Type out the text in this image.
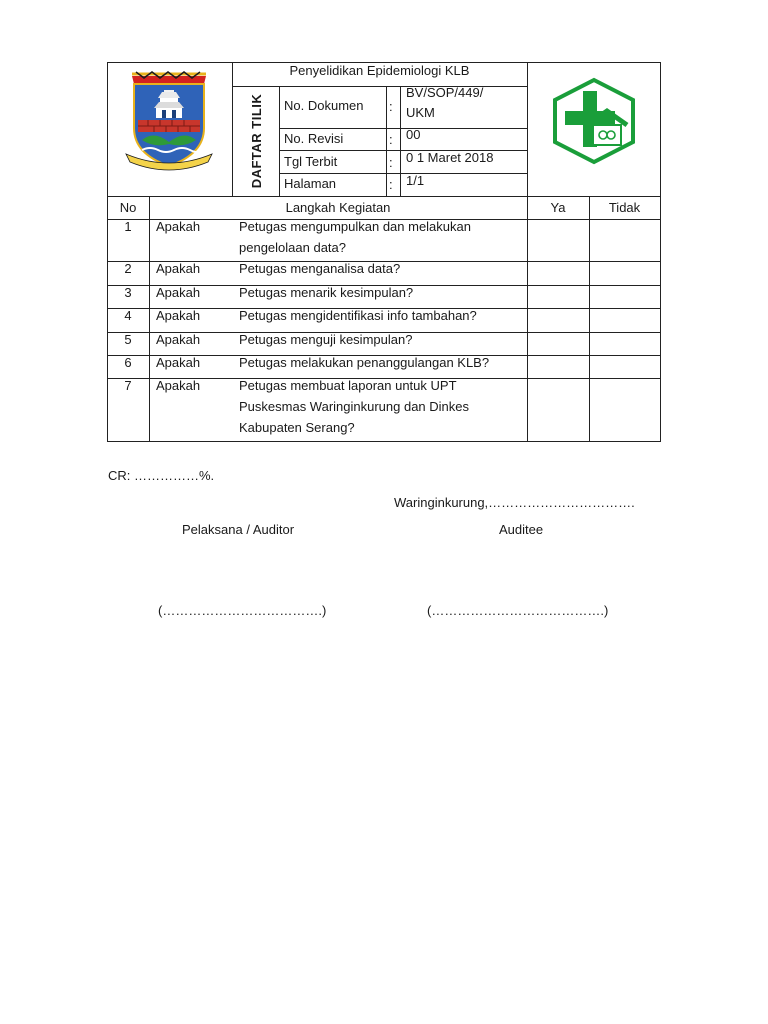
Penyelidikan Epidemiologi KLB
DAFTAR TILIK No. Dokumen :
BV/SOP/449/
UKM
No. Revisi	: 00
Tgl Terbit	: 0 1 Maret 2018
Halaman	: 1/1
No	Langkah Kegiatan	Ya	Tidak
1	Apakah	Petugas mengumpulkan dan melakukan
pengelolaan data?
2	Apakah	Petugas menganalisa data?
3	Apakah	Petugas menarik kesimpulan?
4	Apakah	Petugas mengidentifikasi info tambahan?
5	Apakah	Petugas menguji kesimpulan?
6	Apakah	Petugas melakukan penanggulangan KLB?
7	Apakah	Petugas membuat laporan untuk UPT
Puskesmas Waringinkurung dan Dinkes
Kabupaten Serang?
CR: ……………%.
Waringinkurung,…………………………….
Pelaksana / Auditor	Auditee
(……………………………….)	(………………………………….)
